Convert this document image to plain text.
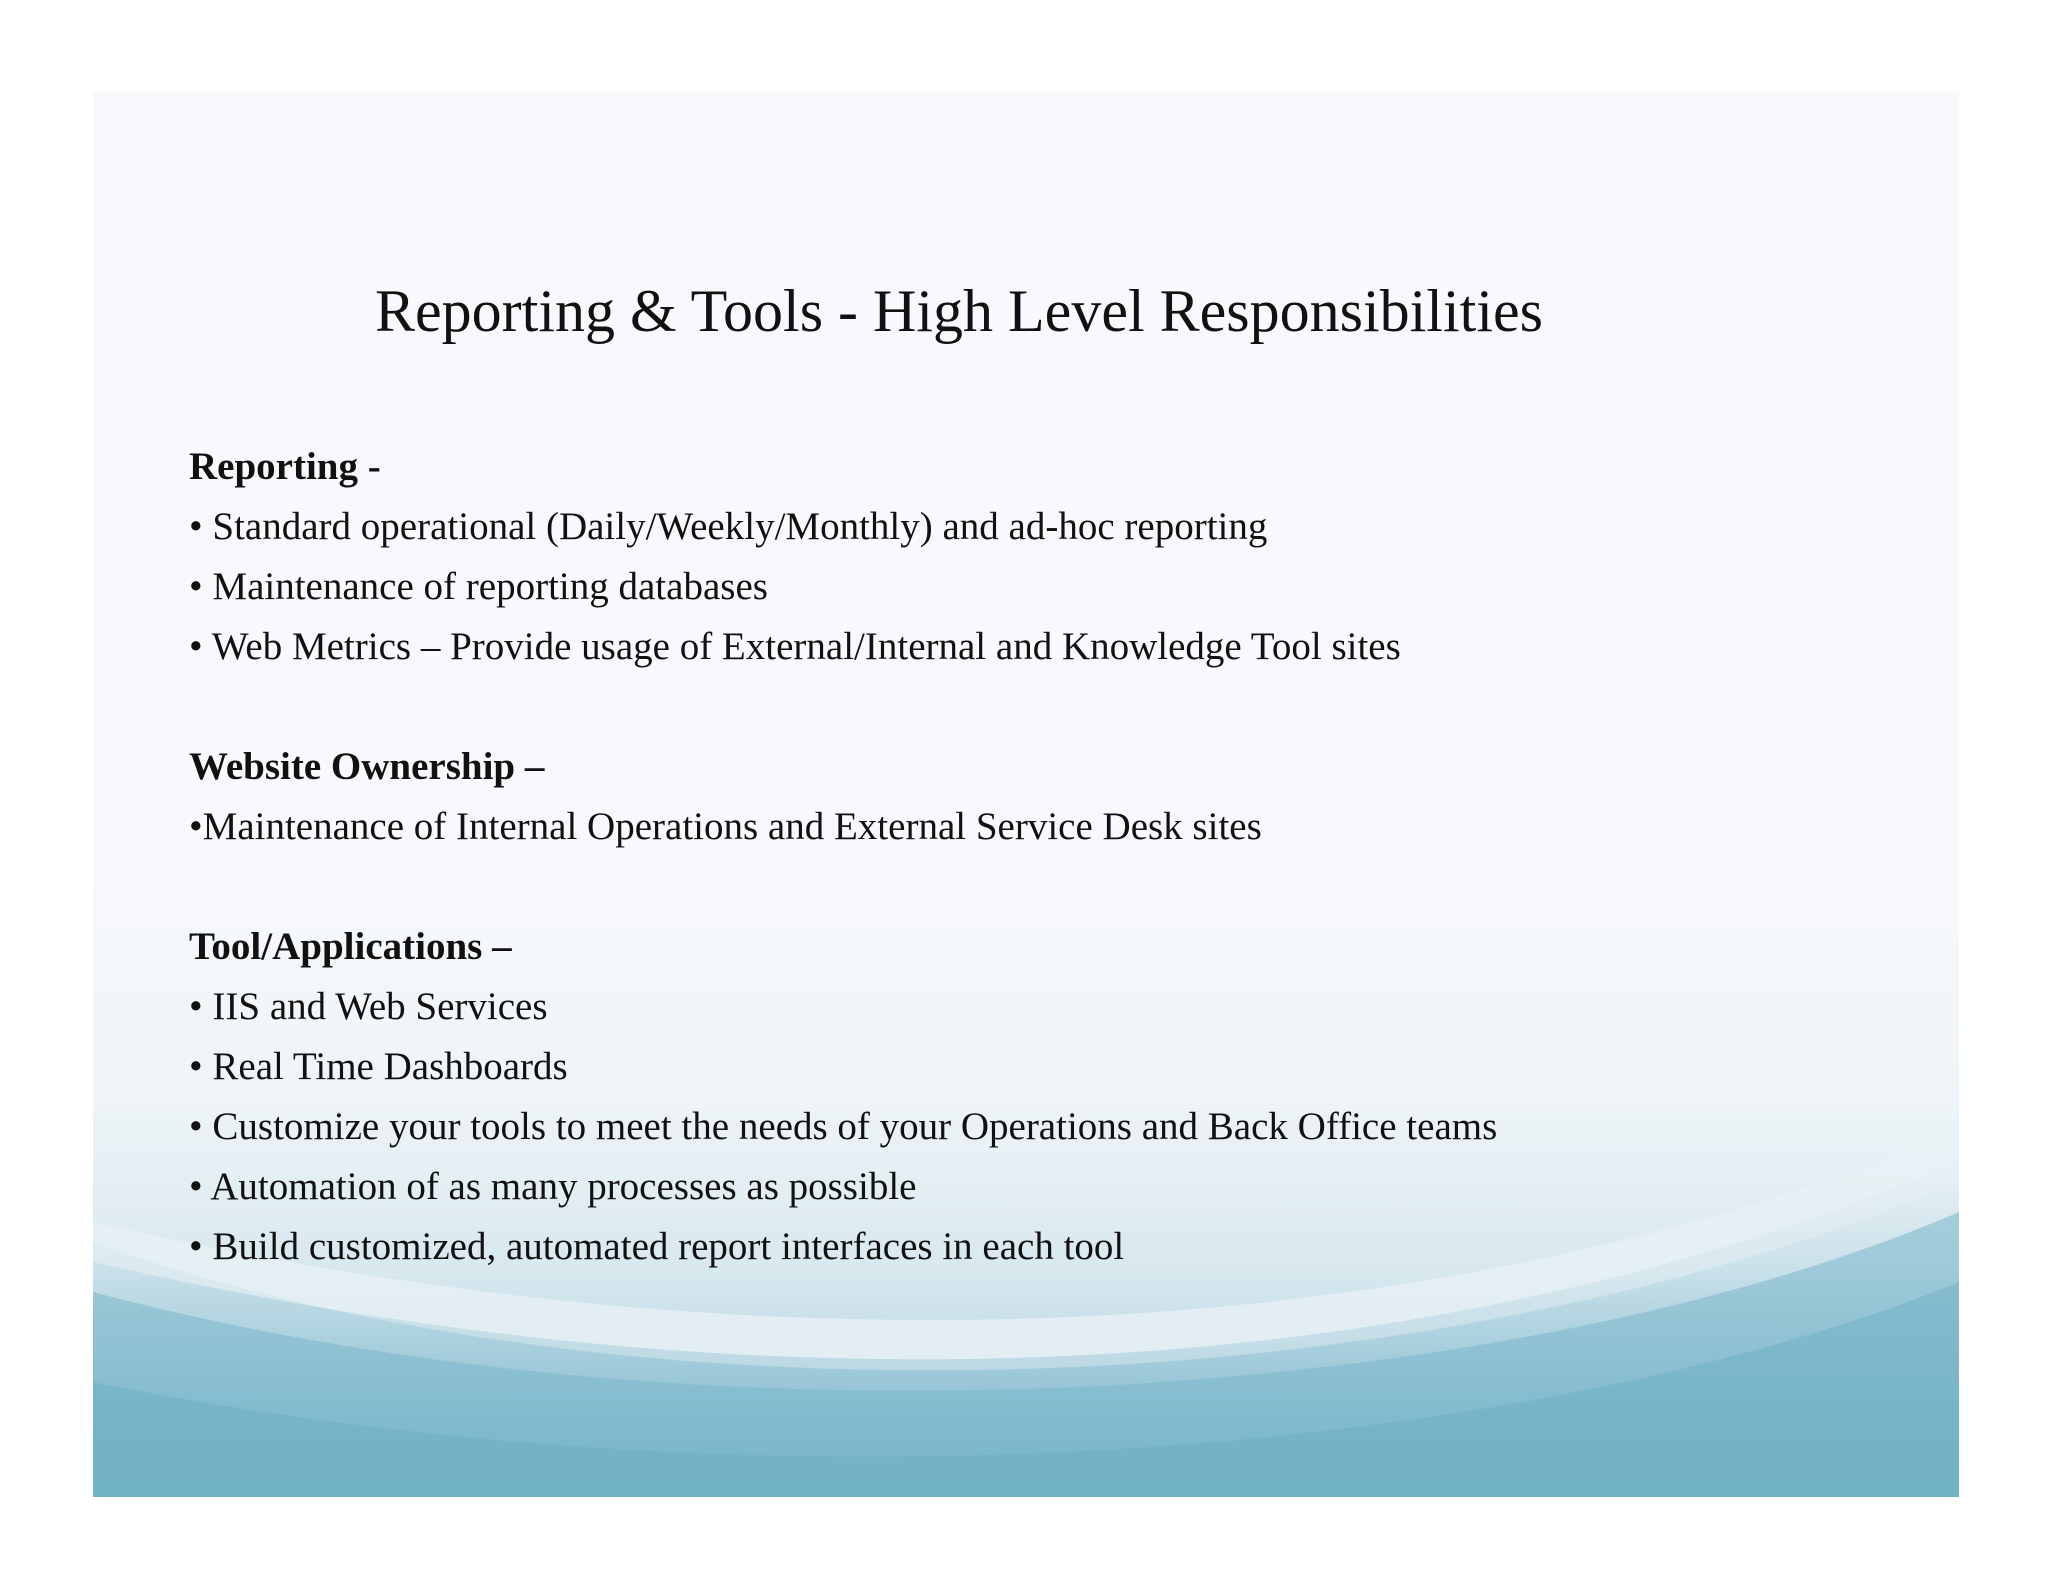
Reporting & Tools - High Level Responsibilities
Reporting -
• Standard operational (Daily/Weekly/Monthly) and ad-hoc reporting
• Maintenance of reporting databases
• Web Metrics – Provide usage of External/Internal and Knowledge Tool sites
Website Ownership –
•Maintenance of Internal Operations and External Service Desk sites
Tool/Applications –
• IIS and Web Services
• Real Time Dashboards
• Customize your tools to meet the needs of your Operations and Back Office teams
• Automation of as many processes as possible
• Build customized, automated report interfaces in each tool
